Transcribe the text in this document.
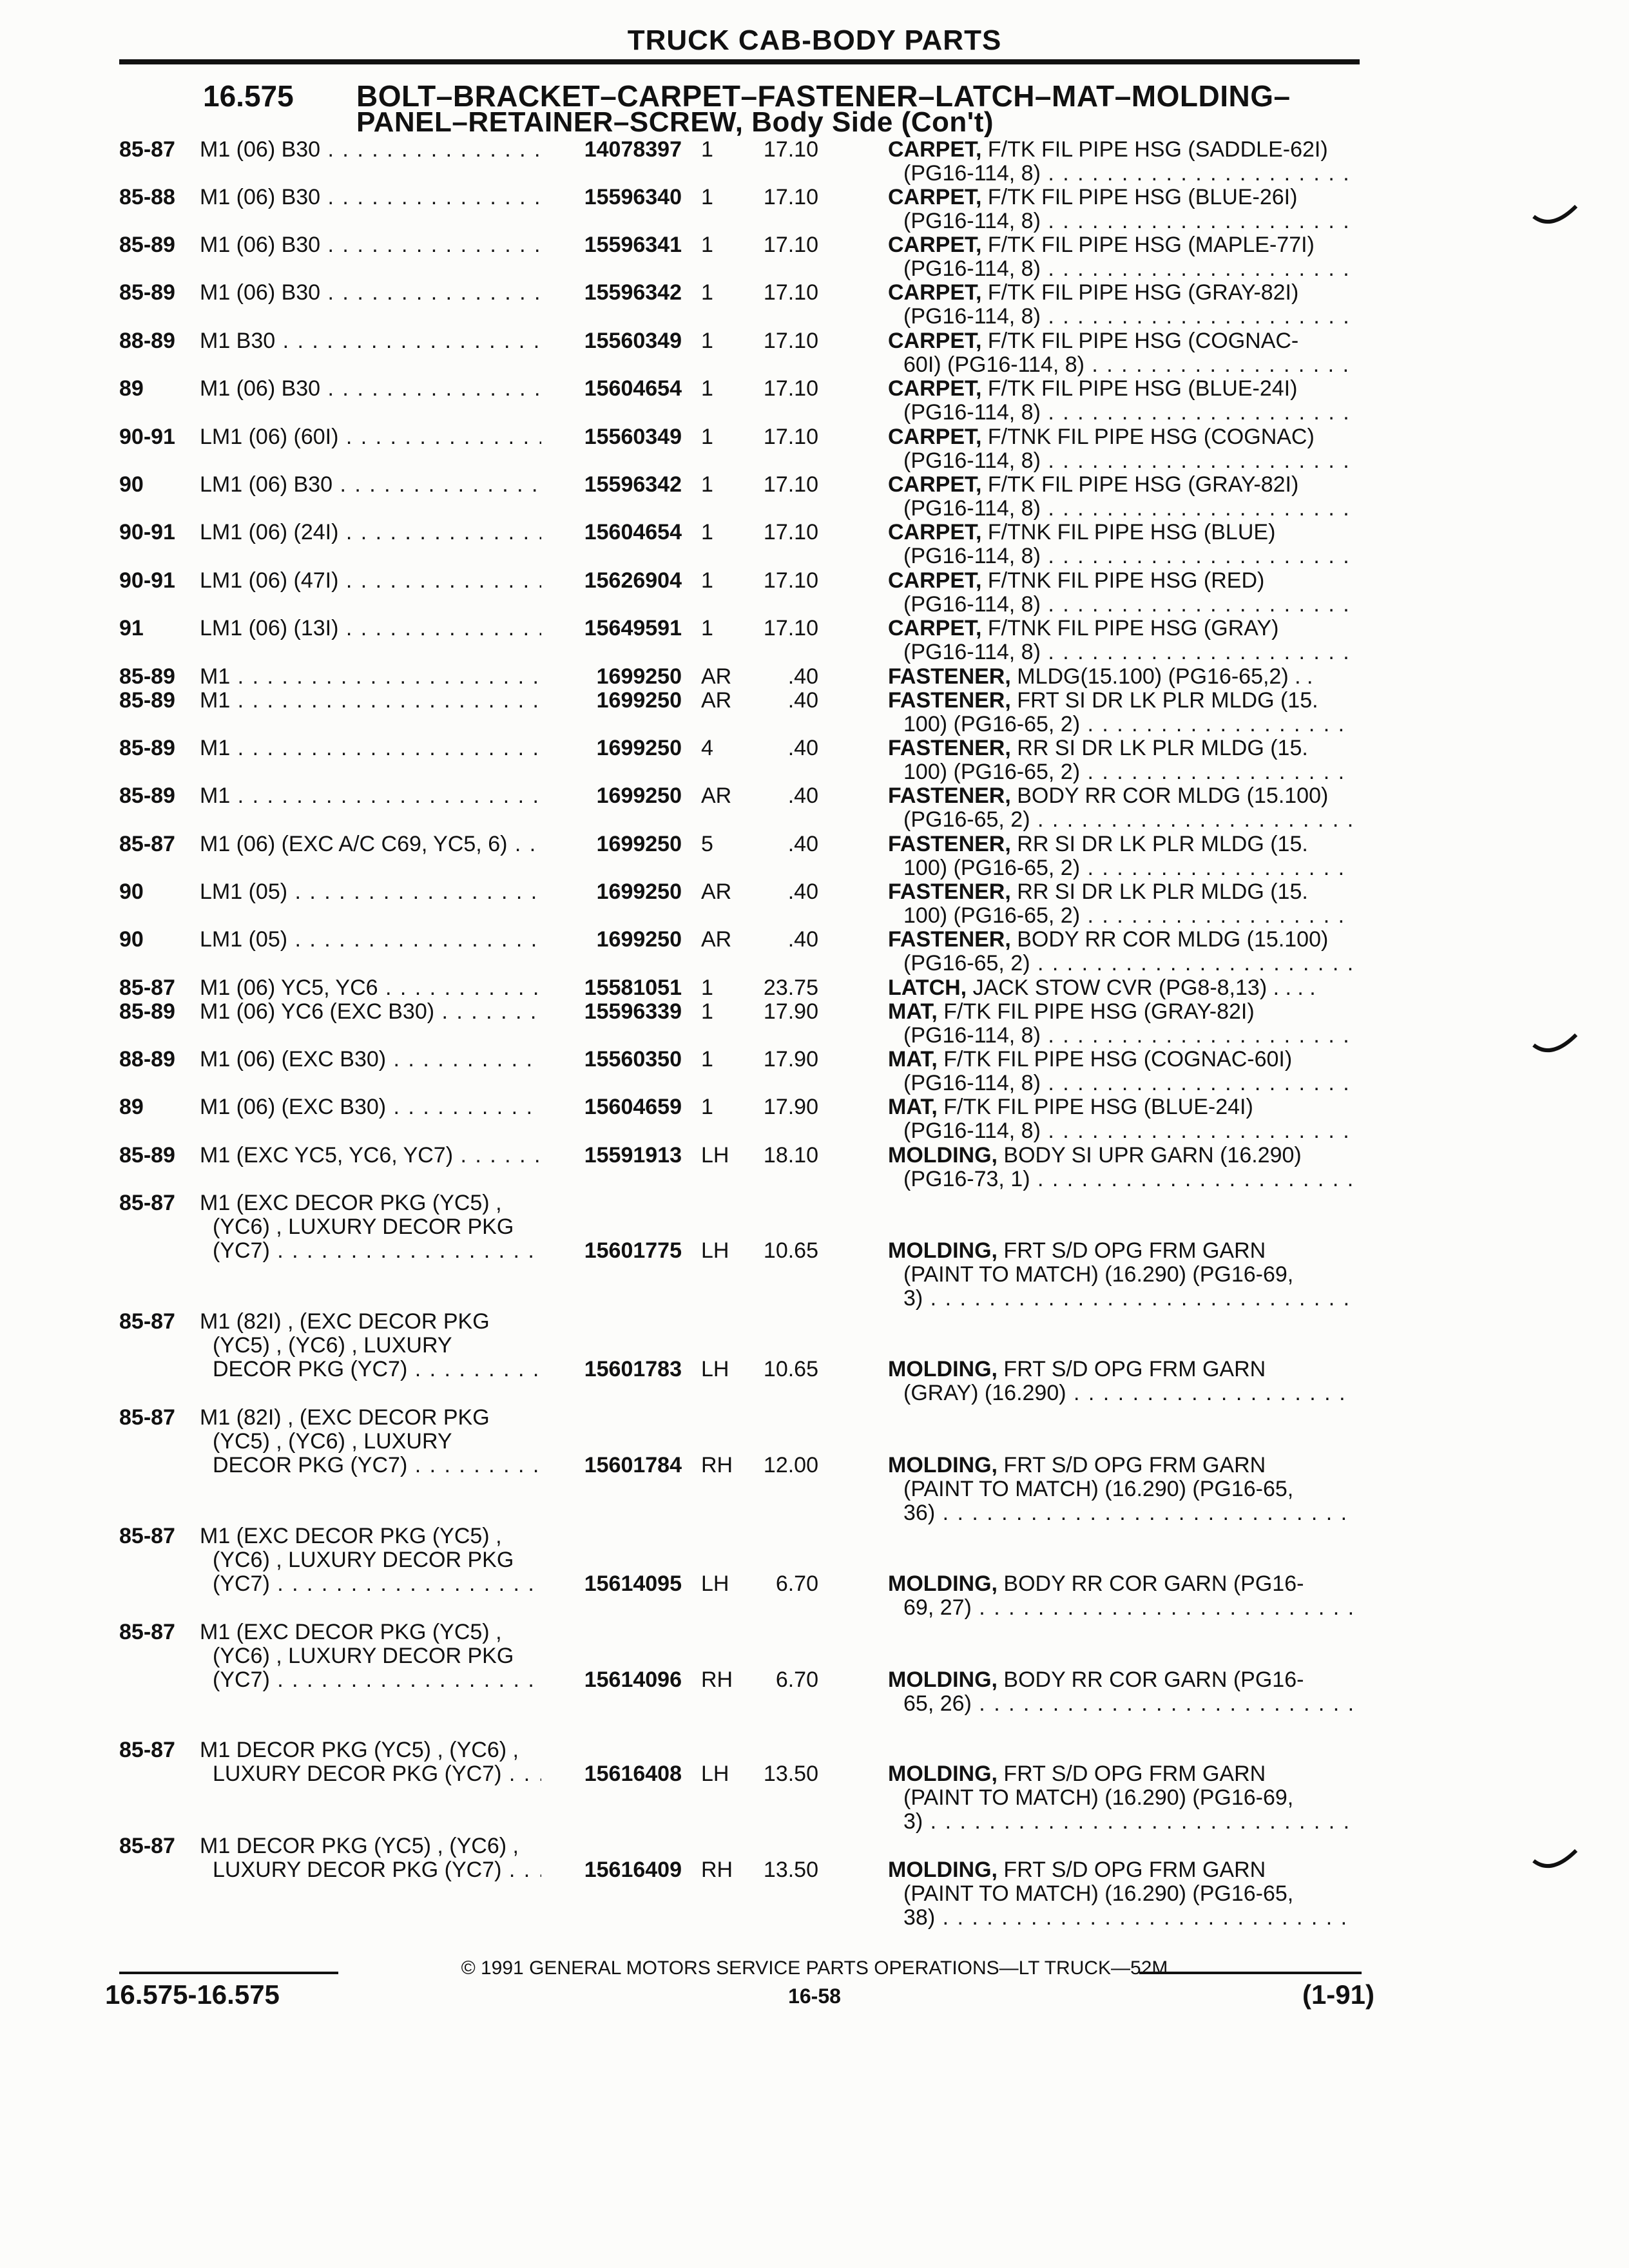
TRUCK CAB-BODY PARTS
16.575 BOLT–BRACKET–CARPET–FASTENER–LATCH–MAT–MOLDING–
PANEL–RETAINER–SCREW, Body Side (Con't)
85-87 M1 (06) B30 . . .	14078397 1 17.10	CARPET, F/TK FIL PIPE HSG (SADDLE-62I)
(PG16-114, 8) . . .
85-88 M1 (06) B30 . . .	15596340 1 17.10	CARPET, F/TK FIL PIPE HSG (BLUE-26I)
(PG16-114, 8) . . .
85-89 M1 (06) B30 . . .	15596341 1 17.10	CARPET, F/TK FIL PIPE HSG (MAPLE-77I)
(PG16-114, 8) . . .
85-89 M1 (06) B30 . . .	15596342 1 17.10	CARPET, F/TK FIL PIPE HSG (GRAY-82I)
(PG16-114, 8) . . .
88-89 M1 B30 . . .	15560349 1 17.10	CARPET, F/TK FIL PIPE HSG (COGNAC-
60I) (PG16-114, 8) . . .
89	M1 (06) B30 . . .	15604654 1 17.10	CARPET, F/TK FIL PIPE HSG (BLUE-24I)
(PG16-114, 8) . . .
90-91 LM1 (06) (60I) . . .	15560349 1 17.10	CARPET, F/TNK FIL PIPE HSG (COGNAC)
(PG16-114, 8) . . .
90	LM1 (06) B30 . . .	15596342 1 17.10	CARPET, F/TK FIL PIPE HSG (GRAY-82I)
(PG16-114, 8) . . .
90-91 LM1 (06) (24I) . . .	15604654 1 17.10	CARPET, F/TNK FIL PIPE HSG (BLUE)
(PG16-114, 8) . . .
90-91 LM1 (06) (47I) . . .	15626904 1 17.10	CARPET, F/TNK FIL PIPE HSG (RED)
(PG16-114, 8) . . .
91	LM1 (06) (13I) . . .	15649591 1 17.10	CARPET, F/TNK FIL PIPE HSG (GRAY)
(PG16-114, 8) . . .
85-89 M1 . . .	1699250 AR	.40	FASTENER, MLDG(15.100) (PG16-65,2) . .
85-89 M1 . . .	1699250 AR	.40	FASTENER, FRT SI DR LK PLR MLDG (15.
100) (PG16-65, 2) . . .
85-89 M1 . . .	1699250 4	.40	FASTENER, RR SI DR LK PLR MLDG (15.
100) (PG16-65, 2) . . .
85-89 M1 . . .	1699250 AR	.40	FASTENER, BODY RR COR MLDG (15.100)
(PG16-65, 2) . . .
85-87 M1 (06) (EXC A/C C69, YC5, 6) . . .	1699250 5	.40	FASTENER, RR SI DR LK PLR MLDG (15.
100) (PG16-65, 2) . . .
90	LM1 (05) . . .	1699250 AR	.40	FASTENER, RR SI DR LK PLR MLDG (15.
100) (PG16-65, 2) . . .
90	LM1 (05) . . .	1699250 AR	.40	FASTENER, BODY RR COR MLDG (15.100)
(PG16-65, 2) . . .
85-87 M1 (06) YC5, YC6 . . .	15581051 1 23.75	LATCH, JACK STOW CVR (PG8-8,13) . . . .
85-89 M1 (06) YC6 (EXC B30) . . .	15596339 1 17.90	MAT, F/TK FIL PIPE HSG (GRAY-82I)
(PG16-114, 8) . . .
88-89 M1 (06) (EXC B30) . . .	15560350 1 17.90	MAT, F/TK FIL PIPE HSG (COGNAC-60I)
(PG16-114, 8) . . .
89	M1 (06) (EXC B30) . . .	15604659 1 17.90	MAT, F/TK FIL PIPE HSG (BLUE-24I)
(PG16-114, 8) . . .
85-89 M1 (EXC YC5, YC6, YC7) . . .	15591913 LH 18.10	MOLDING, BODY SI UPR GARN (16.290)
(PG16-73, 1) . . .
85-87 M1 (EXC DECOR PKG (YC5) ,
(YC6) , LUXURY DECOR PKG
(YC7) . . .	15601775 LH 10.65	MOLDING, FRT S/D OPG FRM GARN
(PAINT TO MATCH) (16.290) (PG16-69,
3) . . .
85-87 M1 (82I) , (EXC DECOR PKG
(YC5) , (YC6) , LUXURY
DECOR PKG (YC7) . . .	15601783 LH 10.65	MOLDING, FRT S/D OPG FRM GARN
(GRAY) (16.290) . . .
85-87 M1 (82I) , (EXC DECOR PKG
(YC5) , (YC6) , LUXURY
DECOR PKG (YC7) . . .	15601784 RH 12.00	MOLDING, FRT S/D OPG FRM GARN
(PAINT TO MATCH) (16.290) (PG16-65,
36) . . .
85-87 M1 (EXC DECOR PKG (YC5) ,
(YC6) , LUXURY DECOR PKG
(YC7) . . .	15614095 LH 6.70	MOLDING, BODY RR COR GARN (PG16-
69, 27) . . .
85-87 M1 (EXC DECOR PKG (YC5) ,
(YC6) , LUXURY DECOR PKG
(YC7) . . .	15614096 RH 6.70	MOLDING, BODY RR COR GARN (PG16-
65, 26) . . .
85-87 M1 DECOR PKG (YC5) , (YC6) ,
LUXURY DECOR PKG (YC7) . . .	15616408 LH 13.50	MOLDING, FRT S/D OPG FRM GARN
(PAINT TO MATCH) (16.290) (PG16-69,
3) . . .
85-87 M1 DECOR PKG (YC5) , (YC6) ,
LUXURY DECOR PKG (YC7) . . .	15616409 RH 13.50	MOLDING, FRT S/D OPG FRM GARN
(PAINT TO MATCH) (16.290) (PG16-65,
38) . . .
© 1991 GENERAL MOTORS SERVICE PARTS OPERATIONS—LT TRUCK—52M
16.575-16.575	16-58	(1-91)
